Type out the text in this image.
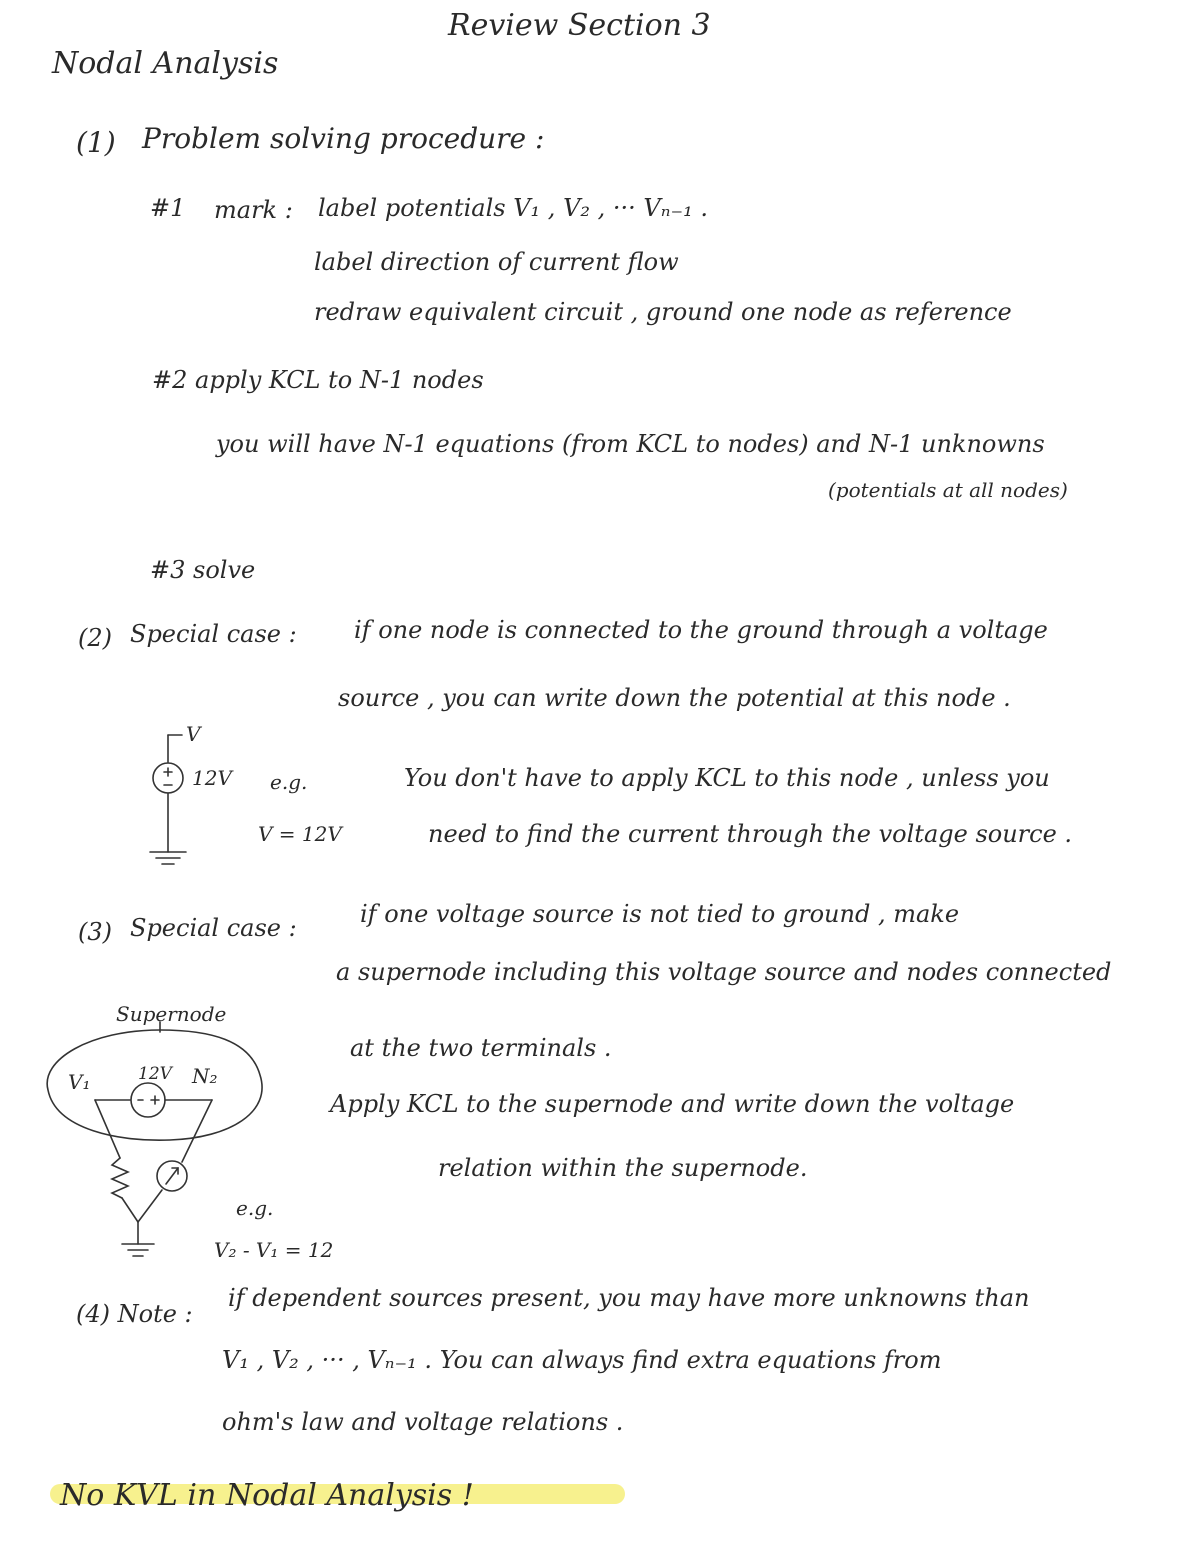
Review Section 3
Nodal Analysis
(1) Problem solving procedure :
#1 mark : label potentials V₁ , V₂ , ··· Vₙ₋₁ .
label direction of current flow
redraw equivalent circuit , ground one node as reference
#2 apply KCL to N-1 nodes
you will have N-1 equations (from KCL to nodes) and N-1 unknowns
(potentials at all nodes)
#3 solve
(2) Special case : if one node is connected to the ground through a voltage
source , you can write down the potential at this node .
V
12V e.g.
V = 12V
You don't have to apply KCL to this node , unless you
need to find the current through the voltage source .
(3) Special case :	if one voltage source is not tied to ground , make
a supernode including this voltage source and nodes connected
at the two terminals .
Apply KCL to the supernode and write down the voltage
relation within the supernode.
Supernode
V₁	12V N₂
e.g.
V₂ - V₁ = 12
(4) Note :
if dependent sources present, you may have more unknowns than
V₁ , V₂ , ··· , Vₙ₋₁ . You can always find extra equations from
ohm's law and voltage relations .
No KVL in Nodal Analysis !
